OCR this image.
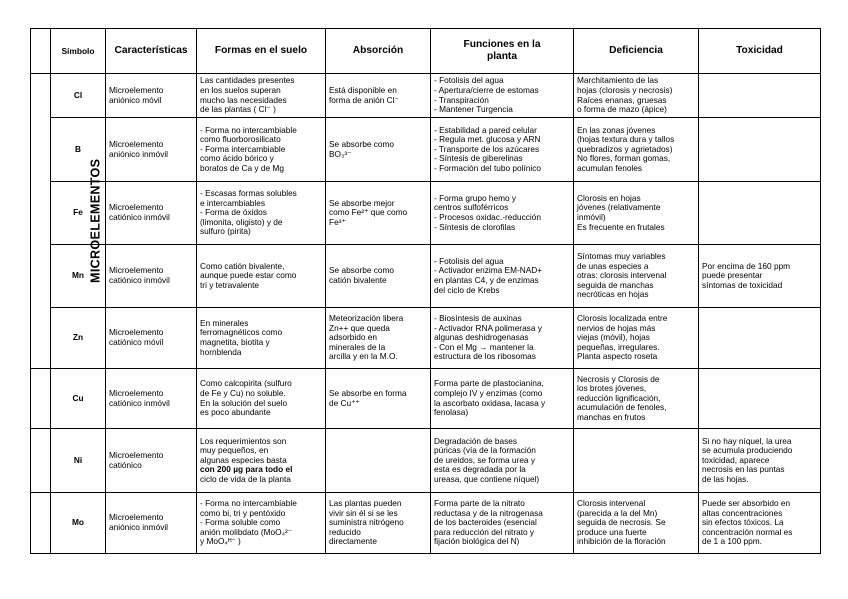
	Símbolo	Características	Formas en el suelo	Absorción	Funciones en la
planta	Deficiencia	Toxicidad
MICROELEMENTOS	Cl	Microelemento
aniónico móvil	Las cantidades presentes
en los suelos superan
mucho las necesidades
de las plantas ( Cl⁻ )	Está disponible en
forma de anión Cl⁻	- Fotolisis del agua
- Apertura/cierre de estomas
- Transpiración
- Mantener Turgencia	Marchitamiento de las
hojas (clorosis y necrosis)
Raíces enanas, gruesas
o forma de mazo (ápice)	

	B	Microelemento
aniónico inmóvil	- Forma no intercambiable
como fluorborosilicato
- Forma intercambiable
como ácido bórico y
boratos de Ca y de Mg	Se absorbe como
BO₃³⁻	- Estabilidad a pared celular
- Regula met. glucosa y ARN
- Transporte de los azúcares
- Síntesis de giberelinas
- Formación del tubo polínico	En las zonas jóvenes
(hojas textura dura y tallos
quebradizos y agrietados)
No flores, forman gomas,
acumulan fenoles	

	Fe	Microelemento
catiónico inmóvil	- Escasas formas solubles
e intercambiables
- Forma de óxidos
(limonita, oligisto) y de
sulfuro (pirita)	Se absorbe mejor
como Fe²⁺ que como
Fe³⁺	- Forma grupo hemo y
centros sulfoférricos
- Procesos oxidac.-reducción
- Síntesis de clorofilas	Clorosis en hojas
jóvenes (relativamente
inmóvil)
Es frecuente en frutales	

	Mn	Microelemento
catiónico inmóvil	Como catión bivalente,
aunque puede estar como
tri y tetravalente	Se absorbe como
catión bivalente	- Fotolisis del agua
- Activador enzima EM-NAD+
en plantas C4, y de enzimas
del ciclo de Krebs	Síntomas muy variables
de unas especies a
otras: clorosis intervenal
seguida de manchas
necróticas en hojas	Por encima de 160 ppm
puede presentar
síntomas de toxicidad

	Zn	Microelemento
catiónico móvil	En minerales
ferromagnéticos como
magnetita, biotita y
hornblenda	Meteorización libera
Zn++ que queda
adsorbido en
minerales de la
arcilla y en la M.O.	- Biosíntesis de auxinas
- Activador RNA polimerasa y
algunas deshidrogenasas
- Con el Mg → mantener la
estructura de los ribosomas	Clorosis localizada entre
nervios de hojas más
viejas (móvil), hojas
pequeñas, irregulares.
Planta aspecto roseta	

	Cu	Microelemento
catiónico inmóvil	Como calcopirita (sulfuro
de Fe y Cu) no soluble.
En la solución del suelo
es poco abundante	Se absorbe en forma
de Cu⁺⁺	Forma parte de plastocianina,
complejo IV y enzimas (como
la ascorbato oxidasa, lacasa y
fenolasa)	Necrosis y Clorosis de
los brotes jóvenes,
reducción lignificación,
acumulación de fenoles,
manchas en frutos	

	Ni	Microelemento
catiónico	Los requerimientos son
muy pequeños, en
algunas especies basta
con 200 µg para todo el
ciclo de vida de la planta		Degradación de bases
púricas (vía de la formación
de ureidos, se forma urea y
esta es degradada por la
ureasa, que contiene níquel)		Si no hay níquel, la urea
se acumula produciendo
toxicidad, aparece
necrosis en las puntas
de las hojas.

	Mo	Microelemento
aniónico inmóvil	- Forma no intercambiable
como bi, tri y pentóxido
- Forma soluble como
anión molibdato (MoO₄²⁻
y MoO₄ᴴ⁻ )	Las plantas pueden
vivir sin él si se les
suministra nitrógeno
reducido
directamente	Forma parte de la nitrato
reductasa y de la nitrogenasa
de los bacteroides (esencial
para reducción del nitrato y
fijación biológica del N)	Clorosis intervenal
(parecida a la del Mn)
seguida de necrosis. Se
produce una fuerte
inhibición de la floración	Puede ser absorbido en
altas concentraciones
sin efectos tóxicos. La
concentración normal es
de 1 a 100 ppm.
